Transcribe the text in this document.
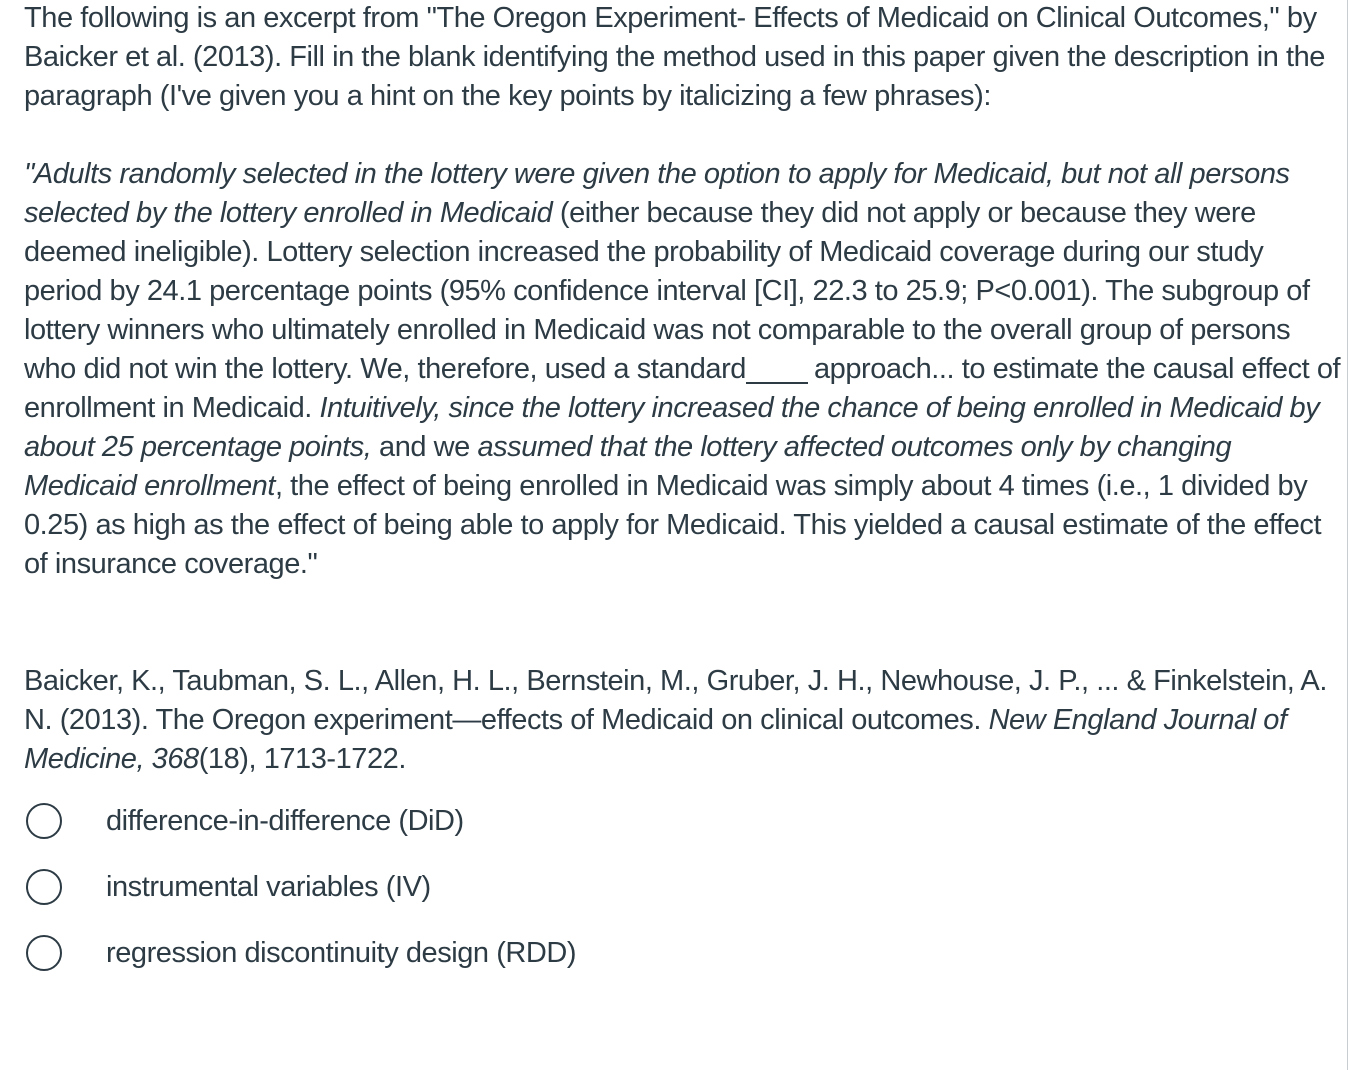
The following is an excerpt from "The Oregon Experiment- Effects of Medicaid on Clinical Outcomes," by Baicker et al. (2013). Fill in the blank identifying the method used in this paper given the description in the paragraph (I've given you a hint on the key points by italicizing a few phrases):

"Adults randomly selected in the lottery were given the option to apply for Medicaid, but not all persons selected by the lottery enrolled in Medicaid (either because they did not apply or because they were deemed ineligible). Lottery selection increased the probability of Medicaid coverage during our study period by 24.1 percentage points (95% confidence interval [CI], 22.3 to 25.9; P<0.001). The subgroup of lottery winners who ultimately enrolled in Medicaid was not comparable to the overall group of persons who did not win the lottery. We, therefore, used a standard approach... to estimate the causal effect of enrollment in Medicaid. Intuitively, since the lottery increased the chance of being enrolled in Medicaid by about 25 percentage points, and we assumed that the lottery affected outcomes only by changing Medicaid enrollment, the effect of being enrolled in Medicaid was simply about 4 times (i.e., 1 divided by 0.25) as high as the effect of being able to apply for Medicaid. This yielded a causal estimate of the effect of insurance coverage."

Baicker, K., Taubman, S. L., Allen, H. L., Bernstein, M., Gruber, J. H., Newhouse, J. P., ... & Finkelstein, A. N. (2013). The Oregon experiment—effects of Medicaid on clinical outcomes. New England Journal of Medicine, 368(18), 1713-1722.

difference-in-difference (DiD)
instrumental variables (IV)
regression discontinuity design (RDD)
